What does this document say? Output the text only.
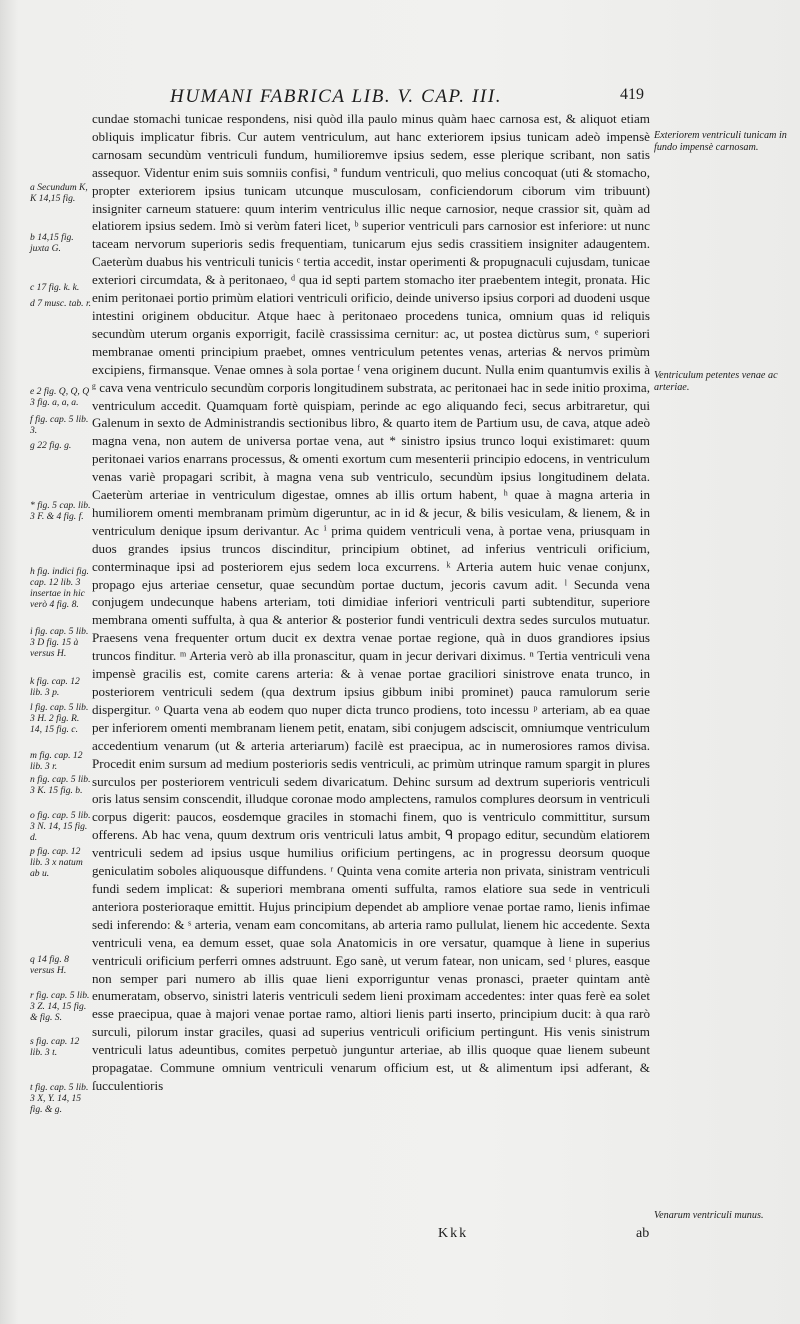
HUMANI FABRICA LIB. V. CAP. III.	419

cundae stomachi tunicae respondens, nisi quòd illa paulo minus quàm haec carnosa est, & aliquot etiam obliquis implicatur fibris. Cur autem ventriculum, aut hanc exteriorem ipsius tunicam adeò impensè carnosam secundùm ventriculi fundum, humilioremve ipsius sedem, esse plerique scribant, non satis assequor. Videntur enim suis somniis confisi, ª fundum ventriculi, quo melius concoquat (uti & stomacho, propter exteriorem ipsius tunicam utcunque musculosam, conficiendorum ciborum vim tribuunt) insigniter carneum statuere: quum interim ventriculus illic neque carnosior, neque crassior sit, quàm ad elatiorem ipsius sedem. Imò si verùm fateri licet, ᵇ superior ventriculi pars carnosior est inferiore: ut nunc taceam nervorum superioris sedis frequentiam, tunicarum ejus sedis crassitiem insigniter adaugentem. Caeterùm duabus his ventriculi tunicis ᶜ tertia accedit, instar operimenti & propugnaculi cujusdam, tunicae exteriori circumdata, & à peritonaeo, ᵈ qua id septi partem stomacho iter praebentem integit, pronata. Hic enim peritonaei portio primùm elatiori ventriculi orificio, deinde universo ipsius corpori ad duodeni usque intestini originem obducitur. Atque haec à peritonaeo procedens tunica, omnium quas id reliquis secundùm uterum organis exporrigit, facilè crassissima cernitur: ac, ut postea dictùrus sum, ᵉ superiori membranae omenti principium praebet, omnes ventriculum petentes venas, arterias & nervos primùm excipiens, firmansque. Venae omnes à sola portae ᶠ vena originem ducunt. Nulla enim quantumvis exilis à ᵍ cava vena ventriculo secundùm corporis longitudinem substrata, ac peritonaei hac in sede initio proxima, ventriculum accedit. Quamquam fortè quispiam, perinde ac ego aliquando feci, secus arbitraretur, qui Galenum in sexto de Administrandis sectionibus libro, & quarto item de Partium usu, de cava, atque adeò magna vena, non autem de universa portae vena, aut * sinistro ipsius trunco loqui existimaret: quum peritonaei varios enarrans processus, & omenti exortum cum mesenterii principio edocens, in ventriculum venas variè propagari scribit, à magna vena sub ventriculo, secundùm ipsius longitudinem delata. Caeterùm arteriae in ventriculum digestae, omnes ab illis ortum habent, ʰ quae à magna arteria in humiliorem omenti membranam primùm digeruntur, ac in id & jecur, & bilis vesiculam, & lienem, & in ventriculum denique ipsum derivantur. Ac ⁱ prima quidem ventriculi vena, à portae vena, priusquam in duos grandes ipsius truncos discinditur, principium obtinet, ad inferius ventriculi orificium, conterminaque ipsi ad posteriorem ejus sedem loca excurrens. ᵏ Arteria autem huic venae conjunx, propago ejus arteriae censetur, quae secundùm portae ductum, jecoris cavum adit. ˡ Secunda vena conjugem undecunque habens arteriam, toti dimidiae inferiori ventriculi parti subtenditur, superiore membrana omenti suffulta, à qua & anterior & posterior fundi ventriculi dextra sedes surculos mutuatur. Praesens vena frequenter ortum ducit ex dextra venae portae regione, quà in duos grandiores ipsius truncos finditur. ᵐ Arteria verò ab illa pronascitur, quam in jecur derivari diximus. ⁿ Tertia ventriculi vena impensè gracilis est, comite carens arteria: & à venae portae graciliori sinistrove enata trunco, in posteriorem ventriculi sedem (qua dextrum ipsius gibbum inibi prominet) pauca ramulorum serie dispergitur. ᵒ Quarta vena ab eodem quo nuper dicta trunco prodiens, toto incessu ᵖ arteriam, ab ea quae per inferiorem omenti membranam lienem petit, enatam, sibi conjugem adsciscit, omniumque ventriculum accedentium venarum (ut & arteria arteriarum) facilè est praecipua, ac in numerosiores ramos divisa. Procedit enim sursum ad medium posterioris sedis ventriculi, ac primùm utrinque ramum spargit in plures surculos per posteriorem ventriculi sedem divaricatum. Dehinc sursum ad dextrum superioris ventriculi oris latus sensim conscendit, illudque coronae modo amplectens, ramulos complures deorsum in ventriculi corpus digerit: paucos, eosdemque graciles in stomachi finem, quo is ventriculo committitur, sursum offerens. Ab hac vena, quum dextrum oris ventriculi latus ambit, ᑫ propago editur, secundùm elatiorem ventriculi sedem ad ipsius usque humilius orificium pertingens, ac in progressu deorsum quoque geniculatim soboles aliquousque diffundens. ʳ Quinta vena comite arteria non privata, sinistram ventriculi fundi sedem implicat: & superiori membrana omenti suffulta, ramos elatiore sua sede in ventriculi anteriora posterioraque emittit. Hujus principium dependet ab ampliore venae portae ramo, lienis infimae sedi inferendo: & ˢ arteria, venam eam concomitans, ab arteria ramo pullulat, lienem hic accedente. Sexta ventriculi vena, ea demum esset, quae sola Anatomicis in ore versatur, quamque à liene in superius ventriculi orificium perferri omnes adstruunt. Ego sanè, ut verum fatear, non unicam, sed ᵗ plures, easque non semper pari numero ab illis quae lieni exporriguntur venas pronasci, praeter quintam antè enumeratam, observo, sinistri lateris ventriculi sedem lieni proximam accedentes: inter quas ferè ea solet esse praecipua, quae à majori venae portae ramo, altiori lienis parti inserto, principium ducit: à qua rarò surculi, pilorum instar graciles, quasi ad superius ventriculi orificium pertingunt. His venis sinistrum ventriculi latus adeuntibus, comites perpetuò junguntur arteriae, ab illis quoque quae lienem subeunt propagatae. Commune omnium ventriculi venarum officium est, ut & alimentum ipsi adferant, & ſucculentioris

a Secundum K, K 14,15 fig.
b 14,15 fig. juxta G.
c 17 fig. k. k.
d 7 musc. tab. r.
e 2 fig. Q, Q, Q 3 fig. a, a, a.
f fig. cap. 5 lib. 3.
g 22 fig. g.
* fig. 5 cap. lib. 3 F. & 4 fig. f.
h fig. indici fig. cap. 12 lib. 3 insertae in hic verò 4 fig. 8.
i fig. cap. 5 lib. 3 D fig. 15 à versus H.
k fig. cap. 12 lib. 3 p.
l fig. cap. 5 lib. 3 H. 2 fig. R. 14, 15 fig. c.
m fig. cap. 12 lib. 3 r.
n fig. cap. 5 lib. 3 K. 15 fig. b.
o fig. cap. 5 lib. 3 N. 14, 15 fig. d.
p fig. cap. 12 lib. 3 x natum ab u.
q 14 fig. 8 versus H.
r fig. cap. 5 lib. 3 Z. 14, 15 fig. & fig. S.
s fig. cap. 12 lib. 3 t.
t fig. cap. 5 lib. 3 X, Y. 14, 15 fig. & g.
Exteriorem ventriculi tunicam in fundo impensè carnosam.
Ventriculum petentes venae ac arteriae.
Venarum ventriculi munus.
Kkk	ab
